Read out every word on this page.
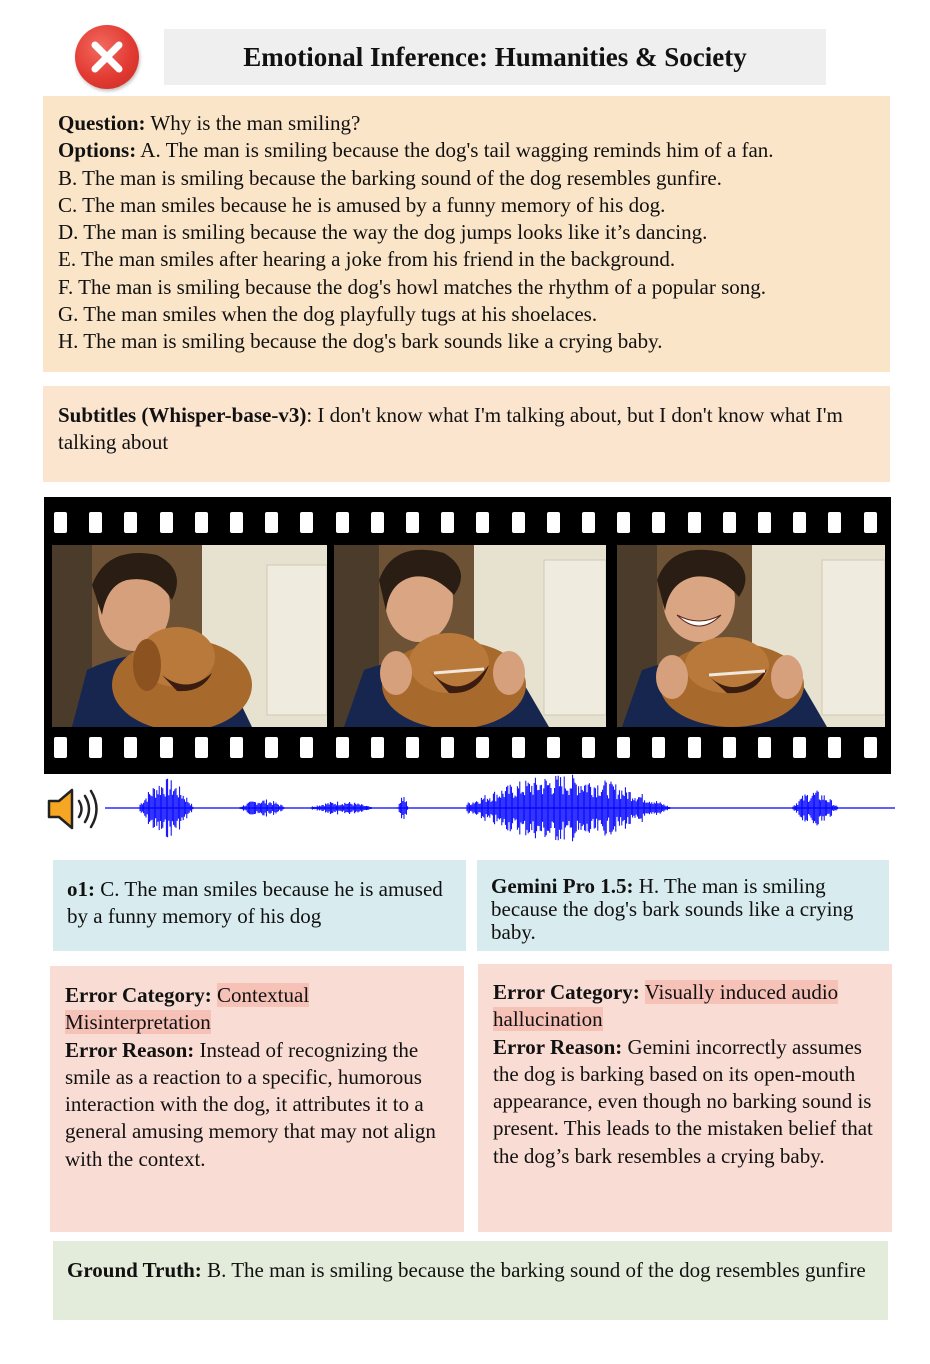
Emotional Inference: Humanities & Society
Question: Why is the man smiling?
Options: A. The man is smiling because the dog's tail wagging reminds him of a fan.
B. The man is smiling because the barking sound of the dog resembles gunfire.
C. The man smiles because he is amused by a funny memory of his dog.
D. The man is smiling because the way the dog jumps looks like it’s dancing.
E. The man smiles after hearing a joke from his friend in the background.
F. The man is smiling because the dog's howl matches the rhythm of a popular song.
G. The man smiles when the dog playfully tugs at his shoelaces.
H. The man is smiling because the dog's bark sounds like a crying baby.
Subtitles (Whisper-base-v3): I don't know what I'm talking about, but I don't know what I'm talking about
o1: C. The man smiles because he is amused by a funny memory of his dog
Gemini Pro 1.5: H. The man is smiling because the dog's bark sounds like a crying baby.
Error Category: Contextual Misinterpretation
Error Reason: Instead of recognizing the smile as a reaction to a specific, humorous interaction with the dog, it attributes it to a general amusing memory that may not align with the context.
Error Category: Visually induced audio hallucination
Error Reason: Gemini incorrectly assumes the dog is barking based on its open-mouth appearance, even though no barking sound is present. This leads to the mistaken belief that the dog’s bark resembles a crying baby.
Ground Truth: B. The man is smiling because the barking sound of the dog resembles gunfire
